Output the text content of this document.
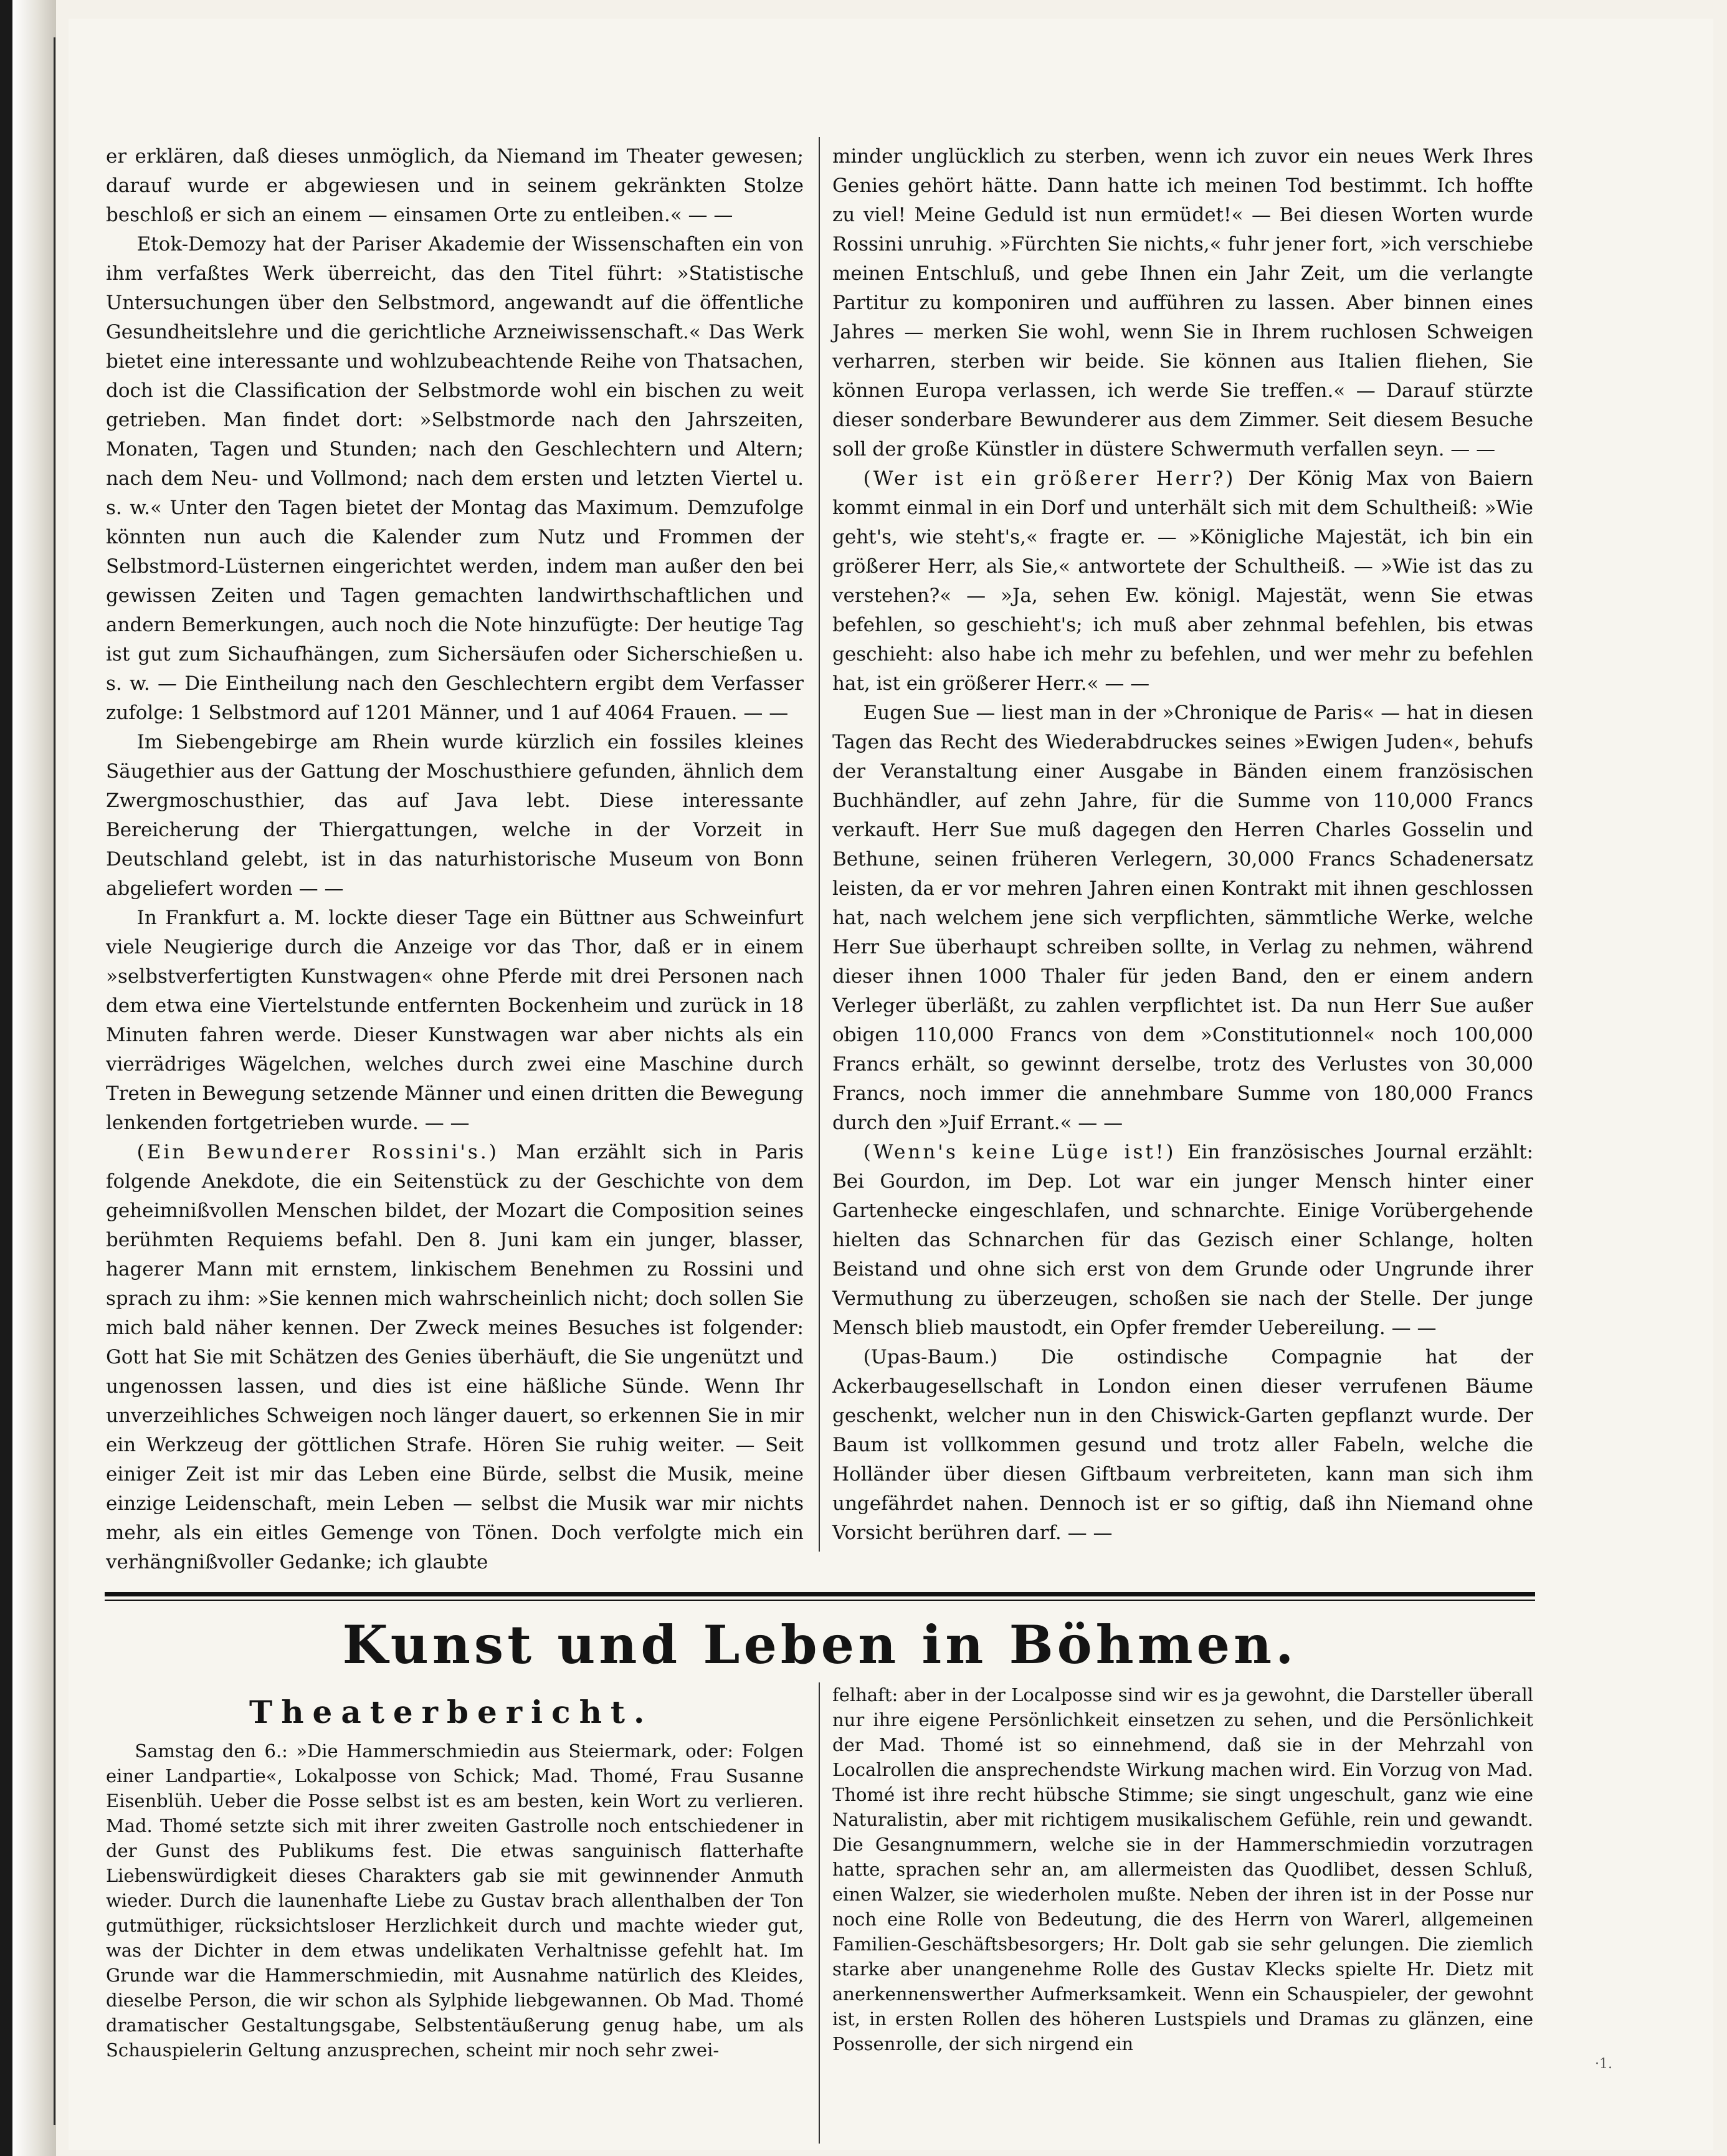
er erklären, daß dieses unmöglich, da Niemand im Theater gewesen; darauf wurde er abgewiesen und in seinem gekränkten Stolze beschloß er sich an einem — einsamen Orte zu entleiben.« — —

Etok-Demozy hat der Pariser Akademie der Wissenschaften ein von ihm verfaßtes Werk überreicht, das den Titel führt: »Statistische Untersuchungen über den Selbstmord, angewandt auf die öffentliche Gesundheitslehre und die gerichtliche Arzneiwissenschaft.« Das Werk bietet eine interessante und wohlzubeachtende Reihe von Thatsachen, doch ist die Classification der Selbstmorde wohl ein bischen zu weit getrieben. Man findet dort: »Selbstmorde nach den Jahrszeiten, Monaten, Tagen und Stunden; nach den Geschlechtern und Altern; nach dem Neu- und Vollmond; nach dem ersten und letzten Viertel u. s. w.« Unter den Tagen bietet der Montag das Maximum. Demzufolge könnten nun auch die Kalender zum Nutz und Frommen der Selbstmord-Lüsternen eingerichtet werden, indem man außer den bei gewissen Zeiten und Tagen gemachten landwirthschaftlichen und andern Bemerkungen, auch noch die Note hinzufügte: Der heutige Tag ist gut zum Sichaufhängen, zum Sichersäufen oder Sicherschießen u. s. w. — Die Eintheilung nach den Geschlechtern ergibt dem Verfasser zufolge: 1 Selbstmord auf 1201 Männer, und 1 auf 4064 Frauen. — —

Im Siebengebirge am Rhein wurde kürzlich ein fossiles kleines Säugethier aus der Gattung der Moschusthiere gefunden, ähnlich dem Zwergmoschusthier, das auf Java lebt. Diese interessante Bereicherung der Thiergattungen, welche in der Vorzeit in Deutschland gelebt, ist in das naturhistorische Museum von Bonn abgeliefert worden — —

In Frankfurt a. M. lockte dieser Tage ein Büttner aus Schweinfurt viele Neugierige durch die Anzeige vor das Thor, daß er in einem »selbstverfertigten Kunstwagen« ohne Pferde mit drei Personen nach dem etwa eine Viertelstunde entfernten Bockenheim und zurück in 18 Minuten fahren werde. Dieser Kunstwagen war aber nichts als ein vierrädriges Wägelchen, welches durch zwei eine Maschine durch Treten in Bewegung setzende Männer und einen dritten die Bewegung lenkenden fortgetrieben wurde. — —

(Ein Bewunderer Rossini's.) Man erzählt sich in Paris folgende Anekdote, die ein Seitenstück zu der Geschichte von dem geheimnißvollen Menschen bildet, der Mozart die Composition seines berühmten Requiems befahl. Den 8. Juni kam ein junger, blasser, hagerer Mann mit ernstem, linkischem Benehmen zu Rossini und sprach zu ihm: »Sie kennen mich wahrscheinlich nicht; doch sollen Sie mich bald näher kennen. Der Zweck meines Besuches ist folgender: Gott hat Sie mit Schätzen des Genies überhäuft, die Sie ungenützt und ungenossen lassen, und dies ist eine häßliche Sünde. Wenn Ihr unverzeihliches Schweigen noch länger dauert, so erkennen Sie in mir ein Werkzeug der göttlichen Strafe. Hören Sie ruhig weiter. — Seit einiger Zeit ist mir das Leben eine Bürde, selbst die Musik, meine einzige Leidenschaft, mein Leben — selbst die Musik war mir nichts mehr, als ein eitles Gemenge von Tönen. Doch verfolgte mich ein verhängnißvoller Gedanke; ich glaubte

minder unglücklich zu sterben, wenn ich zuvor ein neues Werk Ihres Genies gehört hätte. Dann hatte ich meinen Tod bestimmt. Ich hoffte zu viel! Meine Geduld ist nun ermüdet!« — Bei diesen Worten wurde Rossini unruhig. »Fürchten Sie nichts,« fuhr jener fort, »ich verschiebe meinen Entschluß, und gebe Ihnen ein Jahr Zeit, um die verlangte Partitur zu komponiren und aufführen zu lassen. Aber binnen eines Jahres — merken Sie wohl, wenn Sie in Ihrem ruchlosen Schweigen verharren, sterben wir beide. Sie können aus Italien fliehen, Sie können Europa verlassen, ich werde Sie treffen.« — Darauf stürzte dieser sonderbare Bewunderer aus dem Zimmer. Seit diesem Besuche soll der große Künstler in düstere Schwermuth verfallen seyn. — —

(Wer ist ein größerer Herr?) Der König Max von Baiern kommt einmal in ein Dorf und unterhält sich mit dem Schultheiß: »Wie geht's, wie steht's,« fragte er. — »Königliche Majestät, ich bin ein größerer Herr, als Sie,« antwortete der Schultheiß. — »Wie ist das zu verstehen?« — »Ja, sehen Ew. königl. Majestät, wenn Sie etwas befehlen, so geschieht's; ich muß aber zehnmal befehlen, bis etwas geschieht: also habe ich mehr zu befehlen, und wer mehr zu befehlen hat, ist ein größerer Herr.« — —

Eugen Sue — liest man in der »Chronique de Paris« — hat in diesen Tagen das Recht des Wiederabdruckes seines »Ewigen Juden«, behufs der Veranstaltung einer Ausgabe in Bänden einem französischen Buchhändler, auf zehn Jahre, für die Summe von 110,000 Francs verkauft. Herr Sue muß dagegen den Herren Charles Gosselin und Bethune, seinen früheren Verlegern, 30,000 Francs Schadenersatz leisten, da er vor mehren Jahren einen Kontrakt mit ihnen geschlossen hat, nach welchem jene sich verpflichten, sämmtliche Werke, welche Herr Sue überhaupt schreiben sollte, in Verlag zu nehmen, während dieser ihnen 1000 Thaler für jeden Band, den er einem andern Verleger überläßt, zu zahlen verpflichtet ist. Da nun Herr Sue außer obigen 110,000 Francs von dem »Constitutionnel« noch 100,000 Francs erhält, so gewinnt derselbe, trotz des Verlustes von 30,000 Francs, noch immer die annehmbare Summe von 180,000 Francs durch den »Juif Errant.« — —

(Wenn's keine Lüge ist!) Ein französisches Journal erzählt: Bei Gourdon, im Dep. Lot war ein junger Mensch hinter einer Gartenhecke eingeschlafen, und schnarchte. Einige Vorübergehende hielten das Schnarchen für das Gezisch einer Schlange, holten Beistand und ohne sich erst von dem Grunde oder Ungrunde ihrer Vermuthung zu überzeugen, schoßen sie nach der Stelle. Der junge Mensch blieb maustodt, ein Opfer fremder Uebereilung. — —

(Upas-Baum.) Die ostindische Compagnie hat der Ackerbaugesellschaft in London einen dieser verrufenen Bäume geschenkt, welcher nun in den Chiswick-Garten gepflanzt wurde. Der Baum ist vollkommen gesund und trotz aller Fabeln, welche die Holländer über diesen Giftbaum verbreiteten, kann man sich ihm ungefährdet nahen. Dennoch ist er so giftig, daß ihn Niemand ohne Vorsicht berühren darf. — —

Kunst und Leben in Böhmen.
Theaterbericht.

Samstag den 6.: »Die Hammerschmiedin aus Steiermark, oder: Folgen einer Landpartie«, Lokalposse von Schick; Mad. Thomé, Frau Susanne Eisenblüh. Ueber die Posse selbst ist es am besten, kein Wort zu verlieren. Mad. Thomé setzte sich mit ihrer zweiten Gastrolle noch entschiedener in der Gunst des Publikums fest. Die etwas sanguinisch flatterhafte Liebenswürdigkeit dieses Charakters gab sie mit gewinnender Anmuth wieder. Durch die launenhafte Liebe zu Gustav brach allenthalben der Ton gutmüthiger, rücksichtsloser Herzlichkeit durch und machte wieder gut, was der Dichter in dem etwas undelikaten Verhaltnisse gefehlt hat. Im Grunde war die Hammerschmiedin, mit Ausnahme natürlich des Kleides, dieselbe Person, die wir schon als Sylphide liebgewannen. Ob Mad. Thomé dramatischer Gestaltungsgabe, Selbstentäußerung genug habe, um als Schauspielerin Geltung anzusprechen, scheint mir noch sehr zwei-

felhaft: aber in der Localposse sind wir es ja gewohnt, die Darsteller überall nur ihre eigene Persönlichkeit einsetzen zu sehen, und die Persönlichkeit der Mad. Thomé ist so einnehmend, daß sie in der Mehrzahl von Localrollen die ansprechendste Wirkung machen wird. Ein Vorzug von Mad. Thomé ist ihre recht hübsche Stimme; sie singt ungeschult, ganz wie eine Naturalistin, aber mit richtigem musikalischem Gefühle, rein und gewandt. Die Gesangnummern, welche sie in der Hammerschmiedin vorzutragen hatte, sprachen sehr an, am allermeisten das Quodlibet, dessen Schluß, einen Walzer, sie wiederholen mußte. Neben der ihren ist in der Posse nur noch eine Rolle von Bedeutung, die des Herrn von Warerl, allgemeinen Familien-Geschäftsbesorgers; Hr. Dolt gab sie sehr gelungen. Die ziemlich starke aber unangenehme Rolle des Gustav Klecks spielte Hr. Dietz mit anerkennenswerther Aufmerksamkeit. Wenn ein Schauspieler, der gewohnt ist, in ersten Rollen des höheren Lustspiels und Dramas zu glänzen, eine Possenrolle, der sich nirgend ein

·1.
